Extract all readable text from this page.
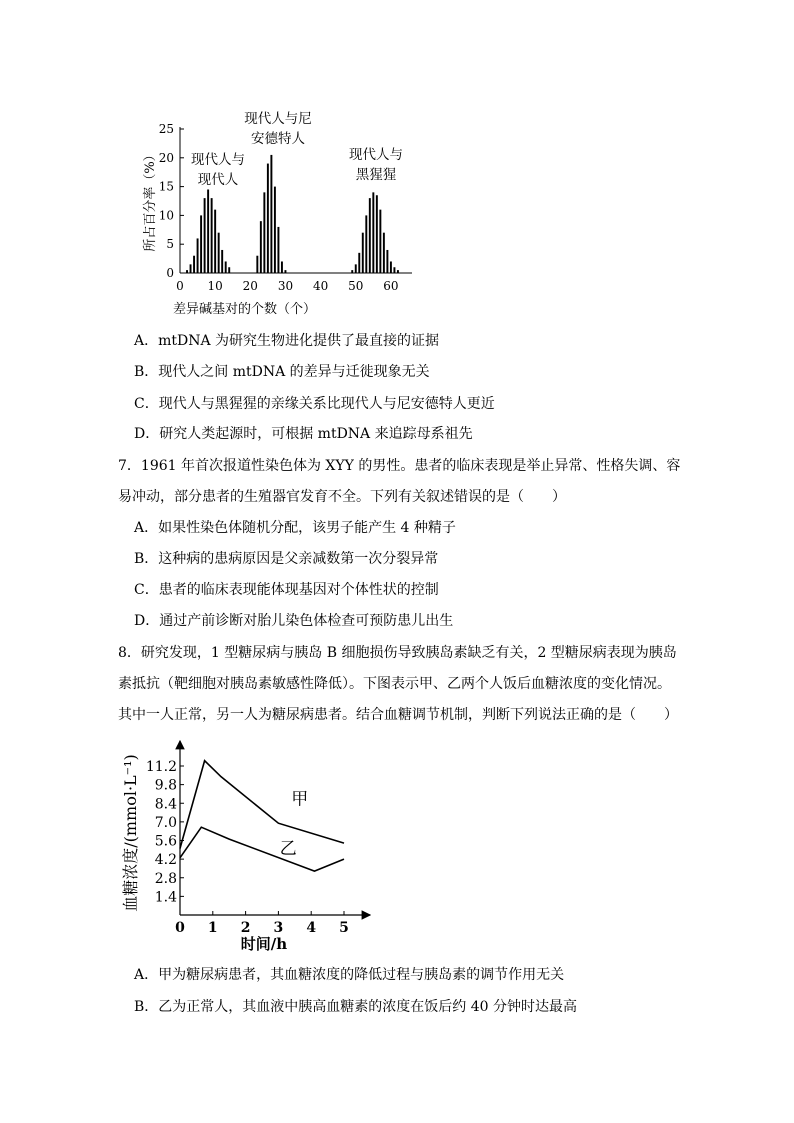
0
5
10
15
20
25
0 10 20 30 40 50 60
现代人与
现代人
现代人与尼
安德特人
现代人与
黑猩猩
所占百分率（%）
差异碱基对的个数（个）
A．mtDNA 为研究生物进化提供了最直接的证据
B．现代人之间 mtDNA 的差异与迁徙现象无关
C．现代人与黑猩猩的亲缘关系比现代人与尼安德特人更近
D．研究人类起源时，可根据 mtDNA 来追踪母系祖先
7．1961 年首次报道性染色体为 XYY 的男性。患者的临床表现是举止异常、性格失调、容
易冲动，部分患者的生殖器官发育不全。下列有关叙述错误的是（　　）
A．如果性染色体随机分配，该男子能产生 4 种精子
B．这种病的患病原因是父亲减数第一次分裂异常
C．患者的临床表现能体现基因对个体性状的控制
D．通过产前诊断对胎儿染色体检查可预防患儿出生
8．研究发现，1 型糖尿病与胰岛 B 细胞损伤导致胰岛素缺乏有关，2 型糖尿病表现为胰岛
素抵抗（靶细胞对胰岛素敏感性降低）。下图表示甲、乙两个人饭后血糖浓度的变化情况。
其中一人正常，另一人为糖尿病患者。结合血糖调节机制，判断下列说法正确的是（　　）
1.4
2.8
4.2
5.6
7.0
8.4
9.8
11.2
0 1 2 3 4 5
甲
乙
血糖浓度/(mmol·L⁻¹)
时间/h
A．甲为糖尿病患者，其血糖浓度的降低过程与胰岛素的调节作用无关
B．乙为正常人，其血液中胰高血糖素的浓度在饭后约 40 分钟时达最高
